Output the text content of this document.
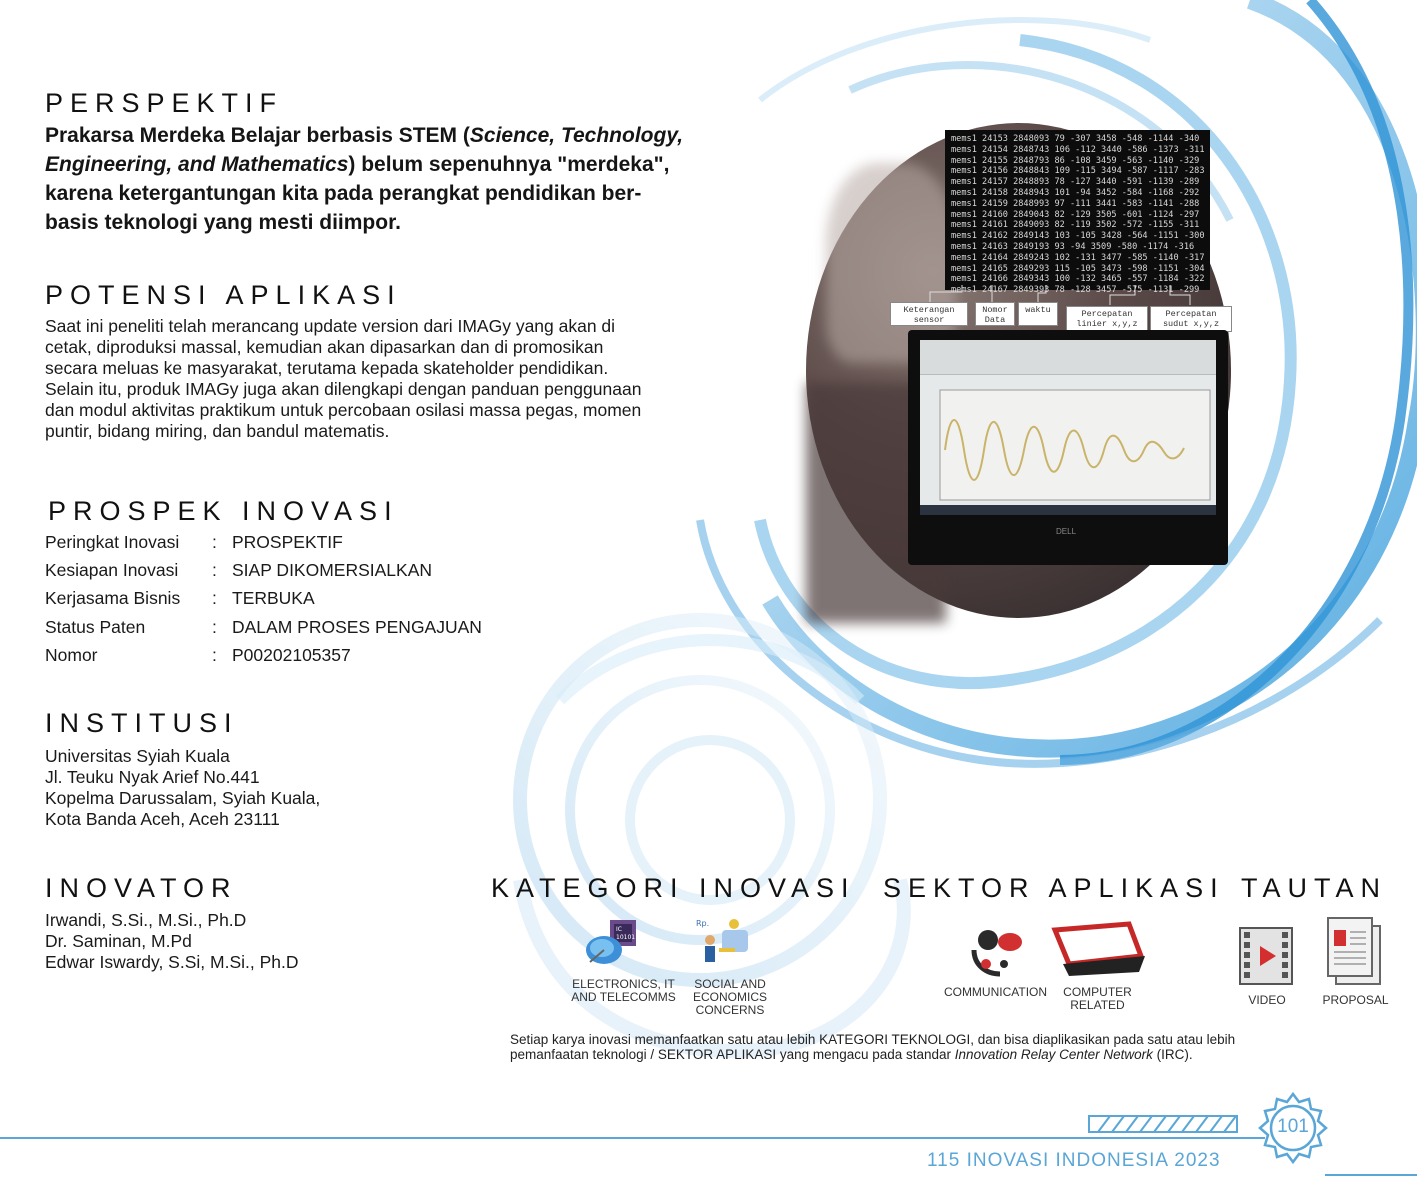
mems1 24153 2848093 79 -307 3458 -548 -1144 -340
mems1 24154 2848743 106 -112 3440 -586 -1373 -311
mems1 24155 2848793 86 -108 3459 -563 -1140 -329
mems1 24156 2848843 109 -115 3494 -587 -1117 -283
mems1 24157 2848893 78 -127 3440 -591 -1139 -289
mems1 24158 2848943 101 -94 3452 -584 -1168 -292
mems1 24159 2848993 97 -111 3441 -583 -1141 -288
mems1 24160 2849043 82 -129 3505 -601 -1124 -297
mems1 24161 2849093 82 -119 3502 -572 -1155 -311
mems1 24162 2849143 103 -105 3428 -564 -1151 -300
mems1 24163 2849193 93 -94 3509 -580 -1174 -316
mems1 24164 2849243 102 -131 3477 -585 -1140 -317
mems1 24165 2849293 115 -105 3473 -598 -1151 -304
mems1 24166 2849343 100 -132 3465 -557 -1184 -322
mems1 24167 2849393 78 -128 3457 -575 -1131 -299
Keterangan
sensor
Nomor
Data
waktu	Percepatan
linier x,y,z
Percepatan
sudut x,y,z
DELL
PERSPEKTIF
Prakarsa Merdeka Belajar berbasis STEM (Science, Technology,
Engineering, and Mathematics) belum sepenuhnya "merdeka",
karena ketergantungan kita pada perangkat pendidikan ber-
basis teknologi yang mesti diimpor.
POTENSI APLIKASI
Saat ini peneliti telah merancang update version dari IMAGy yang akan di
cetak, diproduksi massal, kemudian akan dipasarkan dan di promosikan
secara meluas ke masyarakat, terutama kepada skateholder pendidikan.
Selain itu, produk IMAGy juga akan dilengkapi dengan panduan penggunaan
dan modul aktivitas praktikum untuk percobaan osilasi massa pegas, momen
puntir, bidang miring, dan bandul matematis.
PROSPEK INOVASI
Peringkat Inovasi	: PROSPEKTIF
Kesiapan Inovasi	: SIAP DIKOMERSIALKAN
Kerjasama Bisnis	: TERBUKA
Status Paten	: DALAM PROSES PENGAJUAN
Nomor	: P00202105357
INSTITUSI
Universitas Syiah Kuala
Jl. Teuku Nyak Arief No.441
Kopelma Darussalam, Syiah Kuala,
Kota Banda Aceh, Aceh 23111
INOVATOR
Irwandi, S.Si., M.Si., Ph.D
Dr. Saminan, M.Pd
Edwar Iswardy, S.Si, M.Si., Ph.D
KATEGORI INOVASI SEKTOR APLIKASI TAUTAN
IC
10101
ELECTRONICS, IT
AND TELECOMMS
Rp.
SOCIAL AND
ECONOMICS
CONCERNS
COMMUNICATION	COMPUTER
RELATED	VIDEO	PROPOSAL
Setiap karya inovasi memanfaatkan satu atau lebih KATEGORI TEKNOLOGI, dan bisa diaplikasikan pada satu atau lebih
pemanfaatan teknologi / SEKTOR APLIKASI yang mengacu pada standar Innovation Relay Center Network (IRC).
115 INOVASI INDONESIA 2023
101
